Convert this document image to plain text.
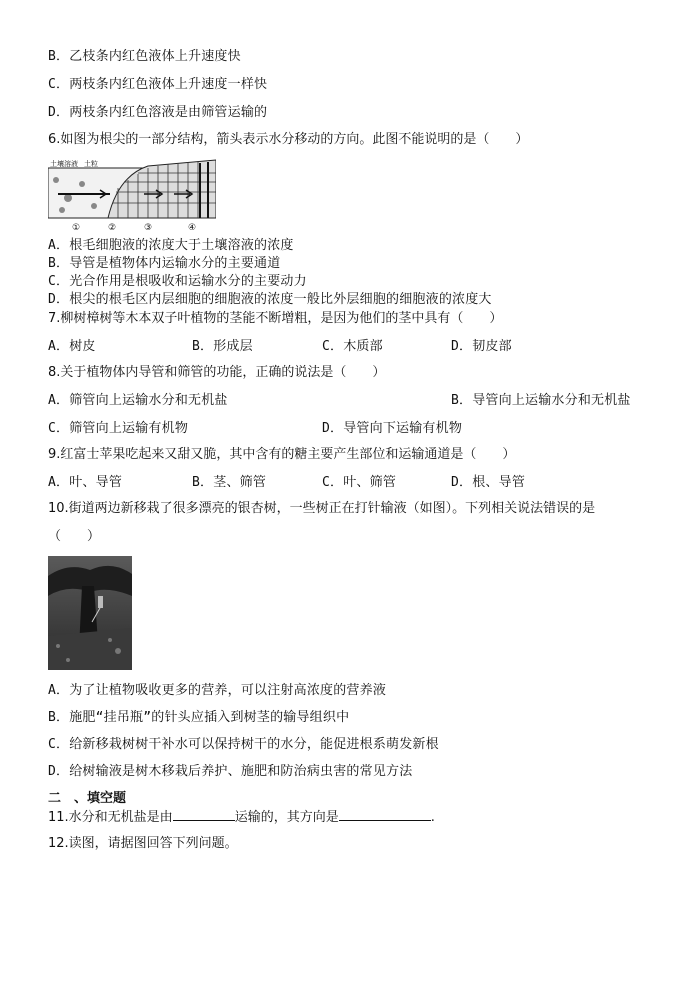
B．乙枝条内红色液体上升速度快
C．两枝条内红色液体上升速度一样快
D．两枝条内红色溶液是由筛管运输的
6.如图为根尖的一部分结构，箭头表示水分移动的方向。此图不能说明的是（　　）
土壤溶液 土粒
①	②	③	④
A．根毛细胞液的浓度大于土壤溶液的浓度
B．导管是植物体内运输水分的主要通道
C．光合作用是根吸收和运输水分的主要动力
D．根尖的根毛区内层细胞的细胞液的浓度一般比外层细胞的细胞液的浓度大
7.柳树樟树等木本双子叶植物的茎能不断增粗，是因为他们的茎中具有（　　）
A．树皮	B．形成层	C．木质部	D．韧皮部
8.关于植物体内导管和筛管的功能，正确的说法是（　　）
A．筛管向上运输水分和无机盐	B．导管向上运输水分和无机盐
C．筛管向上运输有机物	D．导管向下运输有机物
9.红富士苹果吃起来又甜又脆，其中含有的糖主要产生部位和运输通道是（　　）
A．叶、导管	B．茎、筛管	C．叶、筛管	D．根、导管
10.街道两边新移栽了很多漂亮的银杏树，一些树正在打针输液（如图）。下列相关说法错误的是
（　　）
A．为了让植物吸收更多的营养，可以注射高浓度的营养液
B．施肥“挂吊瓶”的针头应插入到树茎的输导组织中
C．给新移栽树树干补水可以保持树干的水分，能促进根系萌发新根
D．给树输液是树木移栽后养护、施肥和防治病虫害的常见方法
二　、填空题
11.水分和无机盐是由	运输的，其方向是	.
12.读图，请据图回答下列问题。
